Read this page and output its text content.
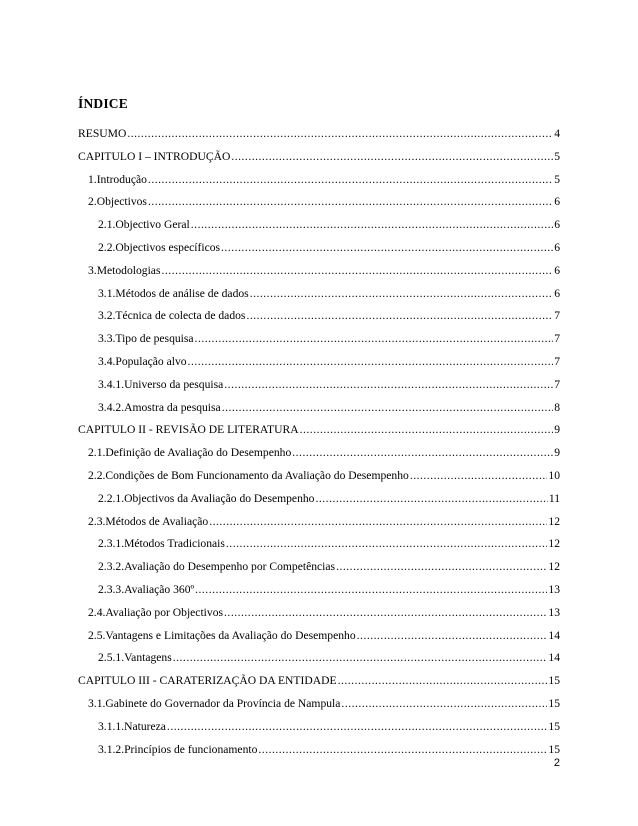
ÍNDICE
RESUMO .....	4
CAPITULO I – INTRODUÇÃO .....	5
1.Introdução .....	5
2.Objectivos .....	6
2.1.Objectivo Geral .....	6
2.2.Objectivos específicos .....	6
3.Metodologias .....	6
3.1.Métodos de análise de dados .....	6
3.2.Técnica de colecta de dados .....	7
3.3.Tipo de pesquisa .....	7
3.4.População alvo .....	7
3.4.1.Universo da pesquisa .....	7
3.4.2.Amostra da pesquisa .....	8
CAPITULO II - REVISÃO DE LITERATURA .....	9
2.1.Definição de Avaliação do Desempenho .....	9
2.2.Condições de Bom Funcionamento da Avaliação do Desempenho .....	10
2.2.1.Objectivos da Avaliação do Desempenho .....	11
2.3.Métodos de Avaliação .....	12
2.3.1.Métodos Tradicionais .....	12
2.3.2.Avaliação do Desempenho por Competências .....	12
2.3.3.Avaliação 360º .....	13
2.4.Avaliação por Objectivos .....	13
2.5.Vantagens e Limitações da Avaliação do Desempenho .....	14
2.5.1.Vantagens .....	14
CAPITULO III - CARATERIZAÇÃO DA ENTIDADE .....	15
3.1.Gabinete do Governador da Província de Nampula .....	15
3.1.1.Natureza .....	15
3.1.2.Princípios de funcionamento .....	15
2
